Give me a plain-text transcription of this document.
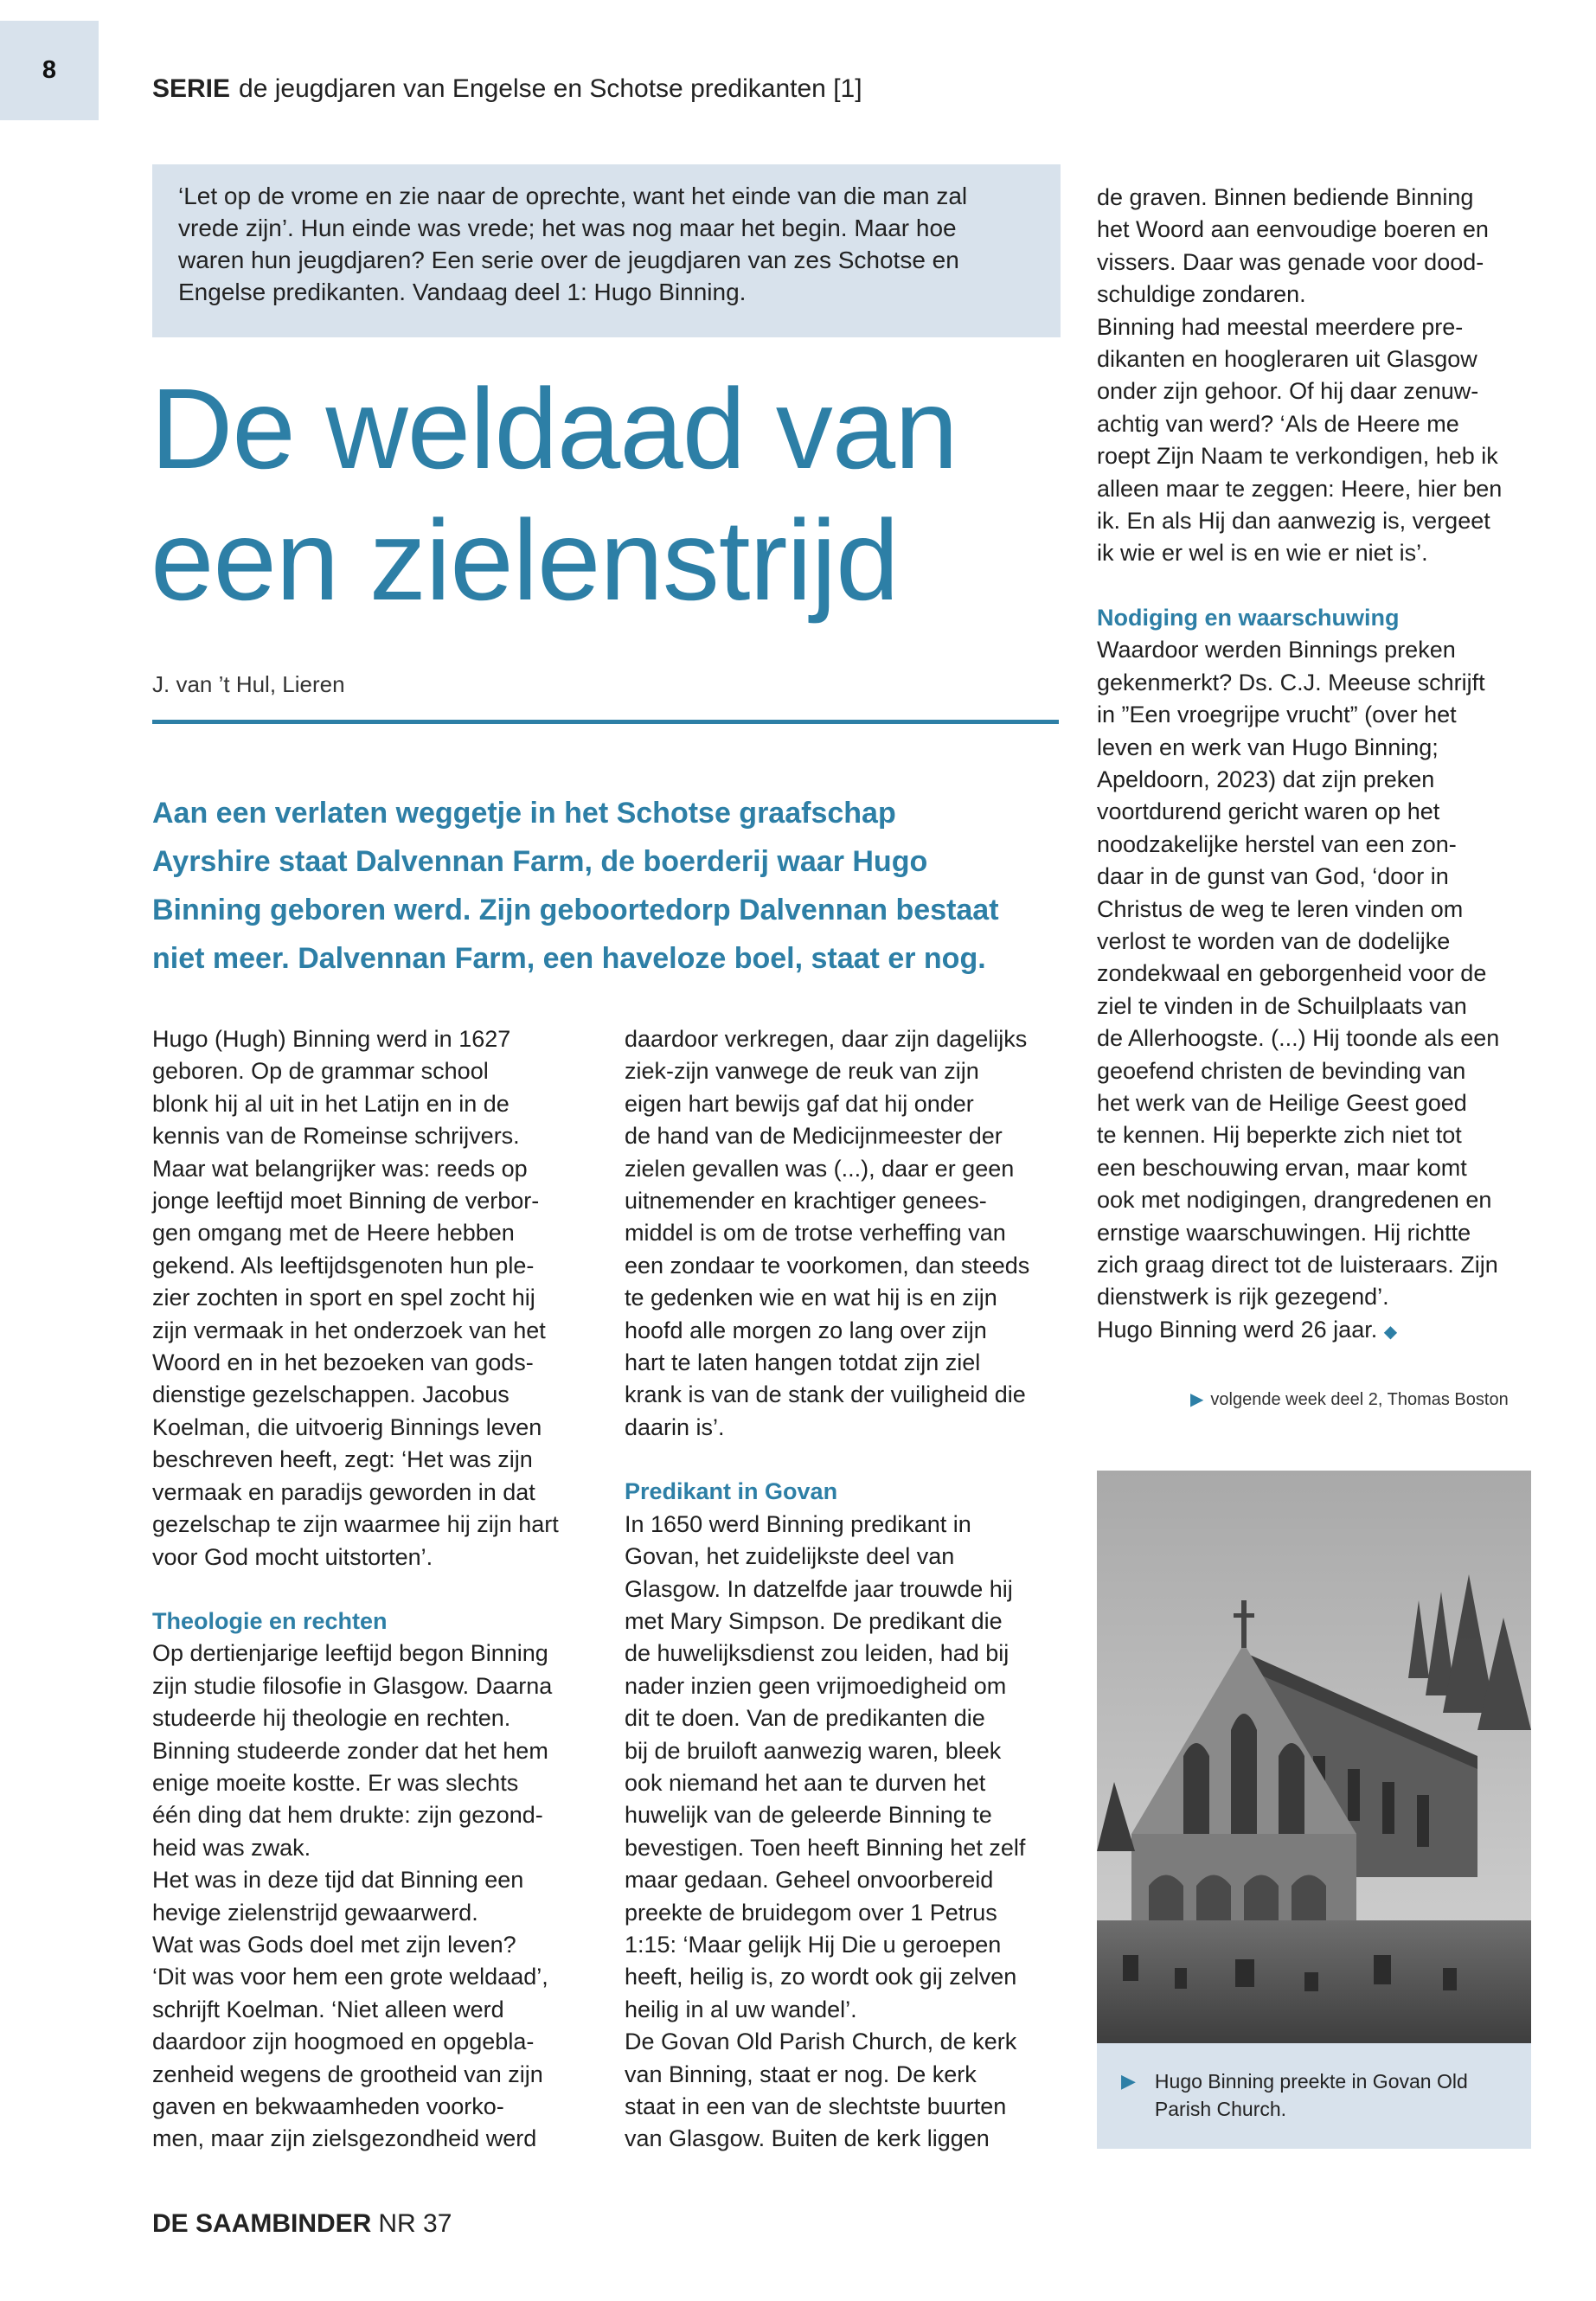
8
SERIE de jeugdjaren van Engelse en Schotse predikanten [1]
‘Let op de vrome en zie naar de oprechte, want het einde van die man zal
vrede zijn’. Hun einde was vrede; het was nog maar het begin. Maar hoe
waren hun jeugdjaren? Een serie over de jeugdjaren van zes Schotse en
Engelse predikanten. Vandaag deel 1: Hugo Binning.
De weldaad van
een zielenstrijd
J. van ’t Hul, Lieren
Aan een verlaten weggetje in het Schotse graafschap
Ayrshire staat Dalvennan Farm, de boerderij waar Hugo
Binning geboren werd. Zijn geboortedorp Dalvennan bestaat
niet meer. Dalvennan Farm, een haveloze boel, staat er nog.

Hugo (Hugh) Binning werd in 1627

geboren. Op de grammar school

blonk hij al uit in het Latijn en in de

kennis van de Romeinse schrijvers.

Maar wat belangrijker was: reeds op

jonge leeftijd moet Binning de verbor-

gen omgang met de Heere hebben

gekend. Als leeftijdsgenoten hun ple-

zier zochten in sport en spel zocht hij

zijn vermaak in het onderzoek van het

Woord en in het bezoeken van gods-

dienstige gezelschappen. Jacobus

Koelman, die uitvoerig Binnings leven

beschreven heeft, zegt: ‘Het was zijn

vermaak en paradijs geworden in dat

gezelschap te zijn waarmee hij zijn hart

voor God mocht uitstorten’.

Theologie en rechten

Op dertienjarige leeftijd begon Binning

zijn studie filosofie in Glasgow. Daarna

studeerde hij theologie en rechten.

Binning studeerde zonder dat het hem

enige moeite kostte. Er was slechts

één ding dat hem drukte: zijn gezond-

heid was zwak.

Het was in deze tijd dat Binning een

hevige zielenstrijd gewaarwerd.

Wat was Gods doel met zijn leven?

‘Dit was voor hem een grote weldaad’,

schrijft Koelman. ‘Niet alleen werd

daardoor zijn hoogmoed en opgebla-

zenheid wegens de grootheid van zijn

gaven en bekwaamheden voorko-

men, maar zijn zielsgezondheid werd

daardoor verkregen, daar zijn dagelijks

ziek-zijn vanwege de reuk van zijn

eigen hart bewijs gaf dat hij onder

de hand van de Medicijnmeester der

zielen gevallen was (...), daar er geen

uitnemender en krachtiger genees-

middel is om de trotse verheffing van

een zondaar te voorkomen, dan steeds

te gedenken wie en wat hij is en zijn

hoofd alle morgen zo lang over zijn

hart te laten hangen totdat zijn ziel

krank is van de stank der vuiligheid die

daarin is’.

Predikant in Govan

In 1650 werd Binning predikant in

Govan, het zuidelijkste deel van

Glasgow. In datzelfde jaar trouwde hij

met Mary Simpson. De predikant die

de huwelijksdienst zou leiden, had bij

nader inzien geen vrijmoedigheid om

dit te doen. Van de predikanten die

bij de bruiloft aanwezig waren, bleek

ook niemand het aan te durven het

huwelijk van de geleerde Binning te

bevestigen. Toen heeft Binning het zelf

maar gedaan. Geheel onvoorbereid

preekte de bruidegom over 1 Petrus

1:15: ‘Maar gelijk Hij Die u geroepen

heeft, heilig is, zo wordt ook gij zelven

heilig in al uw wandel’.

De Govan Old Parish Church, de kerk

van Binning, staat er nog. De kerk

staat in een van de slechtste buurten

van Glasgow. Buiten de kerk liggen

de graven. Binnen bediende Binning

het Woord aan eenvoudige boeren en

vissers. Daar was genade voor dood-

schuldige zondaren.

Binning had meestal meerdere pre-

dikanten en hoogleraren uit Glasgow

onder zijn gehoor. Of hij daar zenuw-

achtig van werd? ‘Als de Heere me

roept Zijn Naam te verkondigen, heb ik

alleen maar te zeggen: Heere, hier ben

ik. En als Hij dan aanwezig is, vergeet

ik wie er wel is en wie er niet is’.

Nodiging en waarschuwing

Waardoor werden Binnings preken

gekenmerkt? Ds. C.J. Meeuse schrijft

in ”Een vroegrijpe vrucht” (over het

leven en werk van Hugo Binning;

Apeldoorn, 2023) dat zijn preken

voortdurend gericht waren op het

noodzakelijke herstel van een zon-

daar in de gunst van God, ‘door in

Christus de weg te leren vinden om

verlost te worden van de dodelijke

zondekwaal en geborgenheid voor de

ziel te vinden in de Schuilplaats van

de Allerhoogste. (...) Hij toonde als een

geoefend christen de bevinding van

het werk van de Heilige Geest goed

te kennen. Hij beperkte zich niet tot

een beschouwing ervan, maar komt

ook met nodigingen, drangredenen en

ernstige waarschuwingen. Hij richtte

zich graag direct tot de luisteraars. Zijn

dienstwerk is rijk gezegend’.

Hugo Binning werd 26 jaar. ◆

▶ volgende week deel 2, Thomas Boston
▶ Hugo Binning preekte in Govan Old
Parish Church.
DE SAAMBINDER NR 37
